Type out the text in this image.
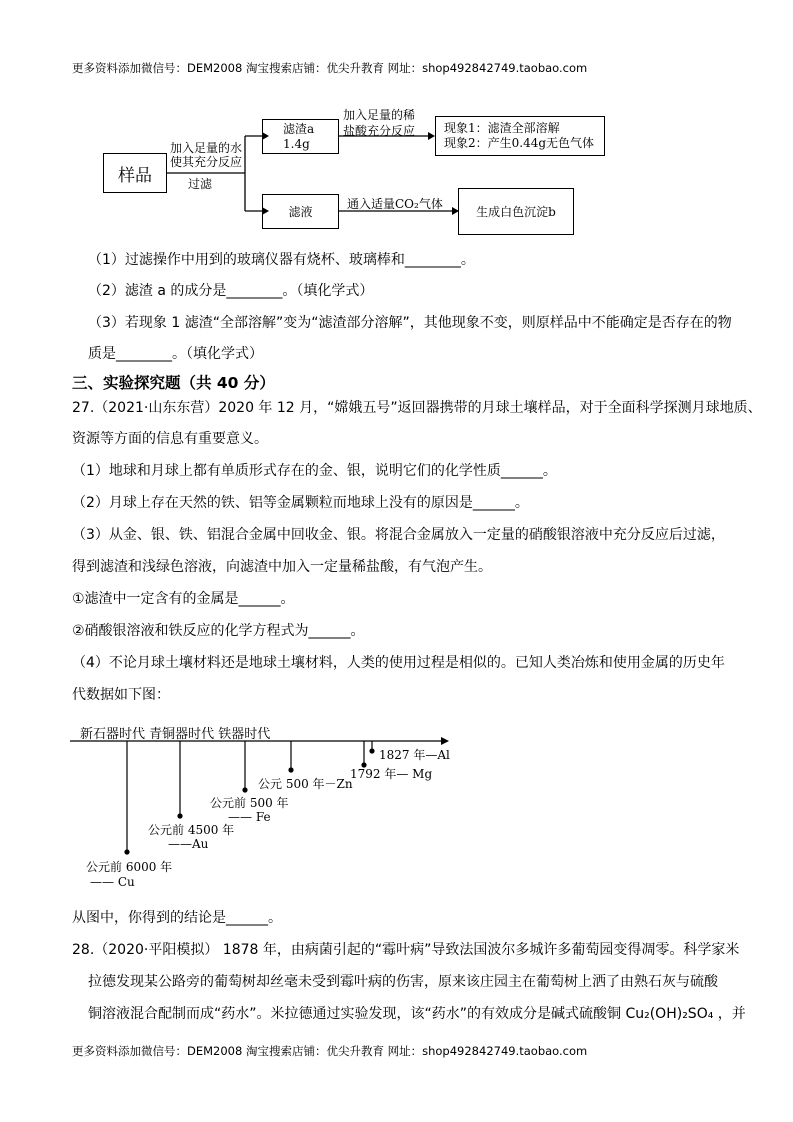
更多资料添加微信号：DEM2008 淘宝搜索店铺：优尖升教育 网址：shop492842749.taobao.com
样品
加入足量的水
使其充分反应
过滤
滤渣a
1.4g
滤液
加入足量的稀
盐酸充分反应
通入适量CO₂气体
现象1：滤渣全部溶解
现象2：产生0.44g无色气体
生成白色沉淀b
（1）过滤操作中用到的玻璃仪器有烧杯、玻璃棒和________。
（2）滤渣 a 的成分是________。（填化学式）
（3）若现象 1 滤渣“全部溶解”变为“滤渣部分溶解”，其他现象不变，则原样品中不能确定是否存在的物
质是________。（填化学式）
三、实验探究题（共 40 分）
27.（2021·山东东营）2020 年 12 月，“嫦娥五号”返回器携带的月球土壤样品，对于全面科学探测月球地质、
资源等方面的信息有重要意义。
（1）地球和月球上都有单质形式存在的金、银，说明它们的化学性质______。
（2）月球上存在天然的铁、铝等金属颗粒而地球上没有的原因是______。
（3）从金、银、铁、铝混合金属中回收金、银。将混合金属放入一定量的硝酸银溶液中充分反应后过滤，
得到滤渣和浅绿色溶液，向滤渣中加入一定量稀盐酸，有气泡产生。
①滤渣中一定含有的金属是______。
②硝酸银溶液和铁反应的化学方程式为______。
（4）不论月球土壤材料还是地球土壤材料，人类的使用过程是相似的。已知人类冶炼和使用金属的历史年
代数据如下图：
新石器时代 青铜器时代 铁器时代
公元前 6000 年
—— Cu
公元前 4500 年
——Au
公元前 500 年
—— Fe
公元 500 年－Zn
1792 年— Mg
1827 年—Al
从图中，你得到的结论是______。
28.（2020·平阳模拟） 1878 年，由病菌引起的“霉叶病”导致法国波尔多城许多葡萄园变得凋零。科学家米
拉德发现某公路旁的葡萄树却丝毫未受到霉叶病的伤害，原来该庄园主在葡萄树上洒了由熟石灰与硫酸
铜溶液混合配制而成“药水”。米拉德通过实验发现，该“药水”的有效成分是碱式硫酸铜 Cu₂(OH)₂SO₄ ，并
更多资料添加微信号：DEM2008 淘宝搜索店铺：优尖升教育 网址：shop492842749.taobao.com
